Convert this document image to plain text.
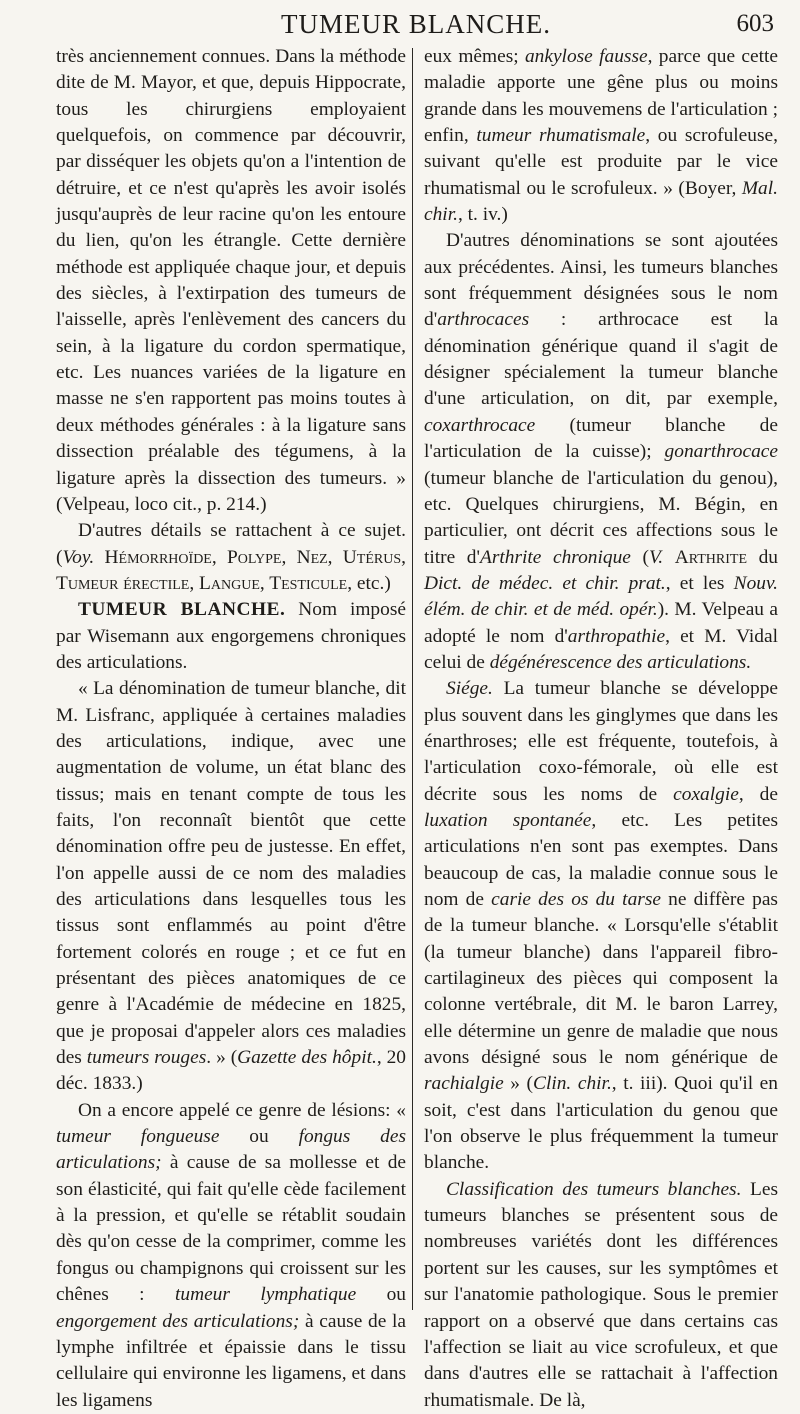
TUMEUR BLANCHE.	603

très anciennement connues. Dans la méthode dite de M. Mayor, et que, depuis Hippocrate, tous les chirurgiens employaient quelquefois, on commence par découvrir, par disséquer les objets qu'on a l'intention de détruire, et ce n'est qu'après les avoir isolés jusqu'auprès de leur racine qu'on les entoure du lien, qu'on les étrangle. Cette dernière méthode est appliquée chaque jour, et depuis des siècles, à l'extirpation des tumeurs de l'aisselle, après l'enlèvement des cancers du sein, à la ligature du cordon spermatique, etc. Les nuances variées de la ligature en masse ne s'en rapportent pas moins toutes à deux méthodes générales : à la ligature sans dissection préalable des tégumens, à la ligature après la dissection des tumeurs. » (Velpeau, loco cit., p. 214.)

D'autres détails se rattachent à ce sujet. (Voy. Hémorrhoïde, Polype, Nez, Utérus, Tumeur érectile, Langue, Testicule, etc.)

TUMEUR BLANCHE. Nom imposé par Wisemann aux engorgemens chroniques des articulations.

« La dénomination de tumeur blanche, dit M. Lisfranc, appliquée à certaines maladies des articulations, indique, avec une augmentation de volume, un état blanc des tissus; mais en tenant compte de tous les faits, l'on reconnaît bientôt que cette dénomination offre peu de justesse. En effet, l'on appelle aussi de ce nom des maladies des articulations dans lesquelles tous les tissus sont enflammés au point d'être fortement colorés en rouge ; et ce fut en présentant des pièces anatomiques de ce genre à l'Académie de médecine en 1825, que je proposai d'appeler alors ces maladies des tumeurs rouges. » (Gazette des hôpit., 20 déc. 1833.)

On a encore appelé ce genre de lésions: « tumeur fongueuse ou fongus des articulations; à cause de sa mollesse et de son élasticité, qui fait qu'elle cède facilement à la pression, et qu'elle se rétablit soudain dès qu'on cesse de la comprimer, comme les fongus ou champignons qui croissent sur les chênes : tumeur lymphatique ou engorgement des articulations; à cause de la lymphe infiltrée et épaissie dans le tissu cellulaire qui environne les ligamens, et dans les ligamens

eux mêmes; ankylose fausse, parce que cette maladie apporte une gêne plus ou moins grande dans les mouvemens de l'articulation ; enfin, tumeur rhumatismale, ou scrofuleuse, suivant qu'elle est produite par le vice rhumatismal ou le scrofuleux. » (Boyer, Mal. chir., t. iv.)

D'autres dénominations se sont ajoutées aux précédentes. Ainsi, les tumeurs blanches sont fréquemment désignées sous le nom d'arthrocaces : arthrocace est la dénomination générique quand il s'agit de désigner spécialement la tumeur blanche d'une articulation, on dit, par exemple, coxarthrocace (tumeur blanche de l'articulation de la cuisse); gonarthrocace (tumeur blanche de l'articulation du genou), etc. Quelques chirurgiens, M. Bégin, en particulier, ont décrit ces affections sous le titre d'Arthrite chronique (V. Arthrite du Dict. de médec. et chir. prat., et les Nouv. élém. de chir. et de méd. opér.). M. Velpeau a adopté le nom d'arthropathie, et M. Vidal celui de dégénérescence des articulations.

Siége. La tumeur blanche se développe plus souvent dans les ginglymes que dans les énarthroses; elle est fréquente, toutefois, à l'articulation coxo-fémorale, où elle est décrite sous les noms de coxalgie, de luxation spontanée, etc. Les petites articulations n'en sont pas exemptes. Dans beaucoup de cas, la maladie connue sous le nom de carie des os du tarse ne diffère pas de la tumeur blanche. « Lorsqu'elle s'établit (la tumeur blanche) dans l'appareil fibro-cartilagineux des pièces qui composent la colonne vertébrale, dit M. le baron Larrey, elle détermine un genre de maladie que nous avons désigné sous le nom générique de rachialgie » (Clin. chir., t. iii). Quoi qu'il en soit, c'est dans l'articulation du genou que l'on observe le plus fréquemment la tumeur blanche.

Classification des tumeurs blanches. Les tumeurs blanches se présentent sous de nombreuses variétés dont les différences portent sur les causes, sur les symptômes et sur l'anatomie pathologique. Sous le premier rapport on a observé que dans certains cas l'affection se liait au vice scrofuleux, et que dans d'autres elle se rattachait à l'affection rhumatismale. De là,
